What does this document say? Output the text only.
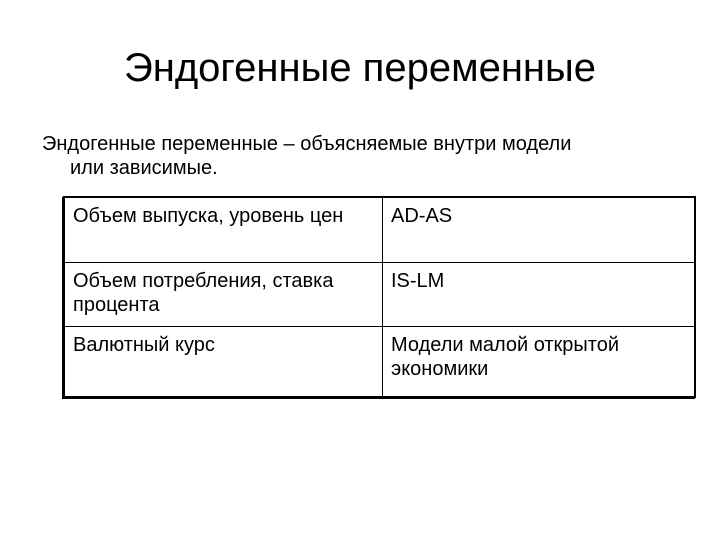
Эндогенные переменные
Эндогенные переменные – объясняемые внутри модели
или зависимые.
Объем выпуска, уровень цен	AD-AS
Объем потребления, ставка процента	IS-LM
Валютный курс	Модели малой открытой экономики
